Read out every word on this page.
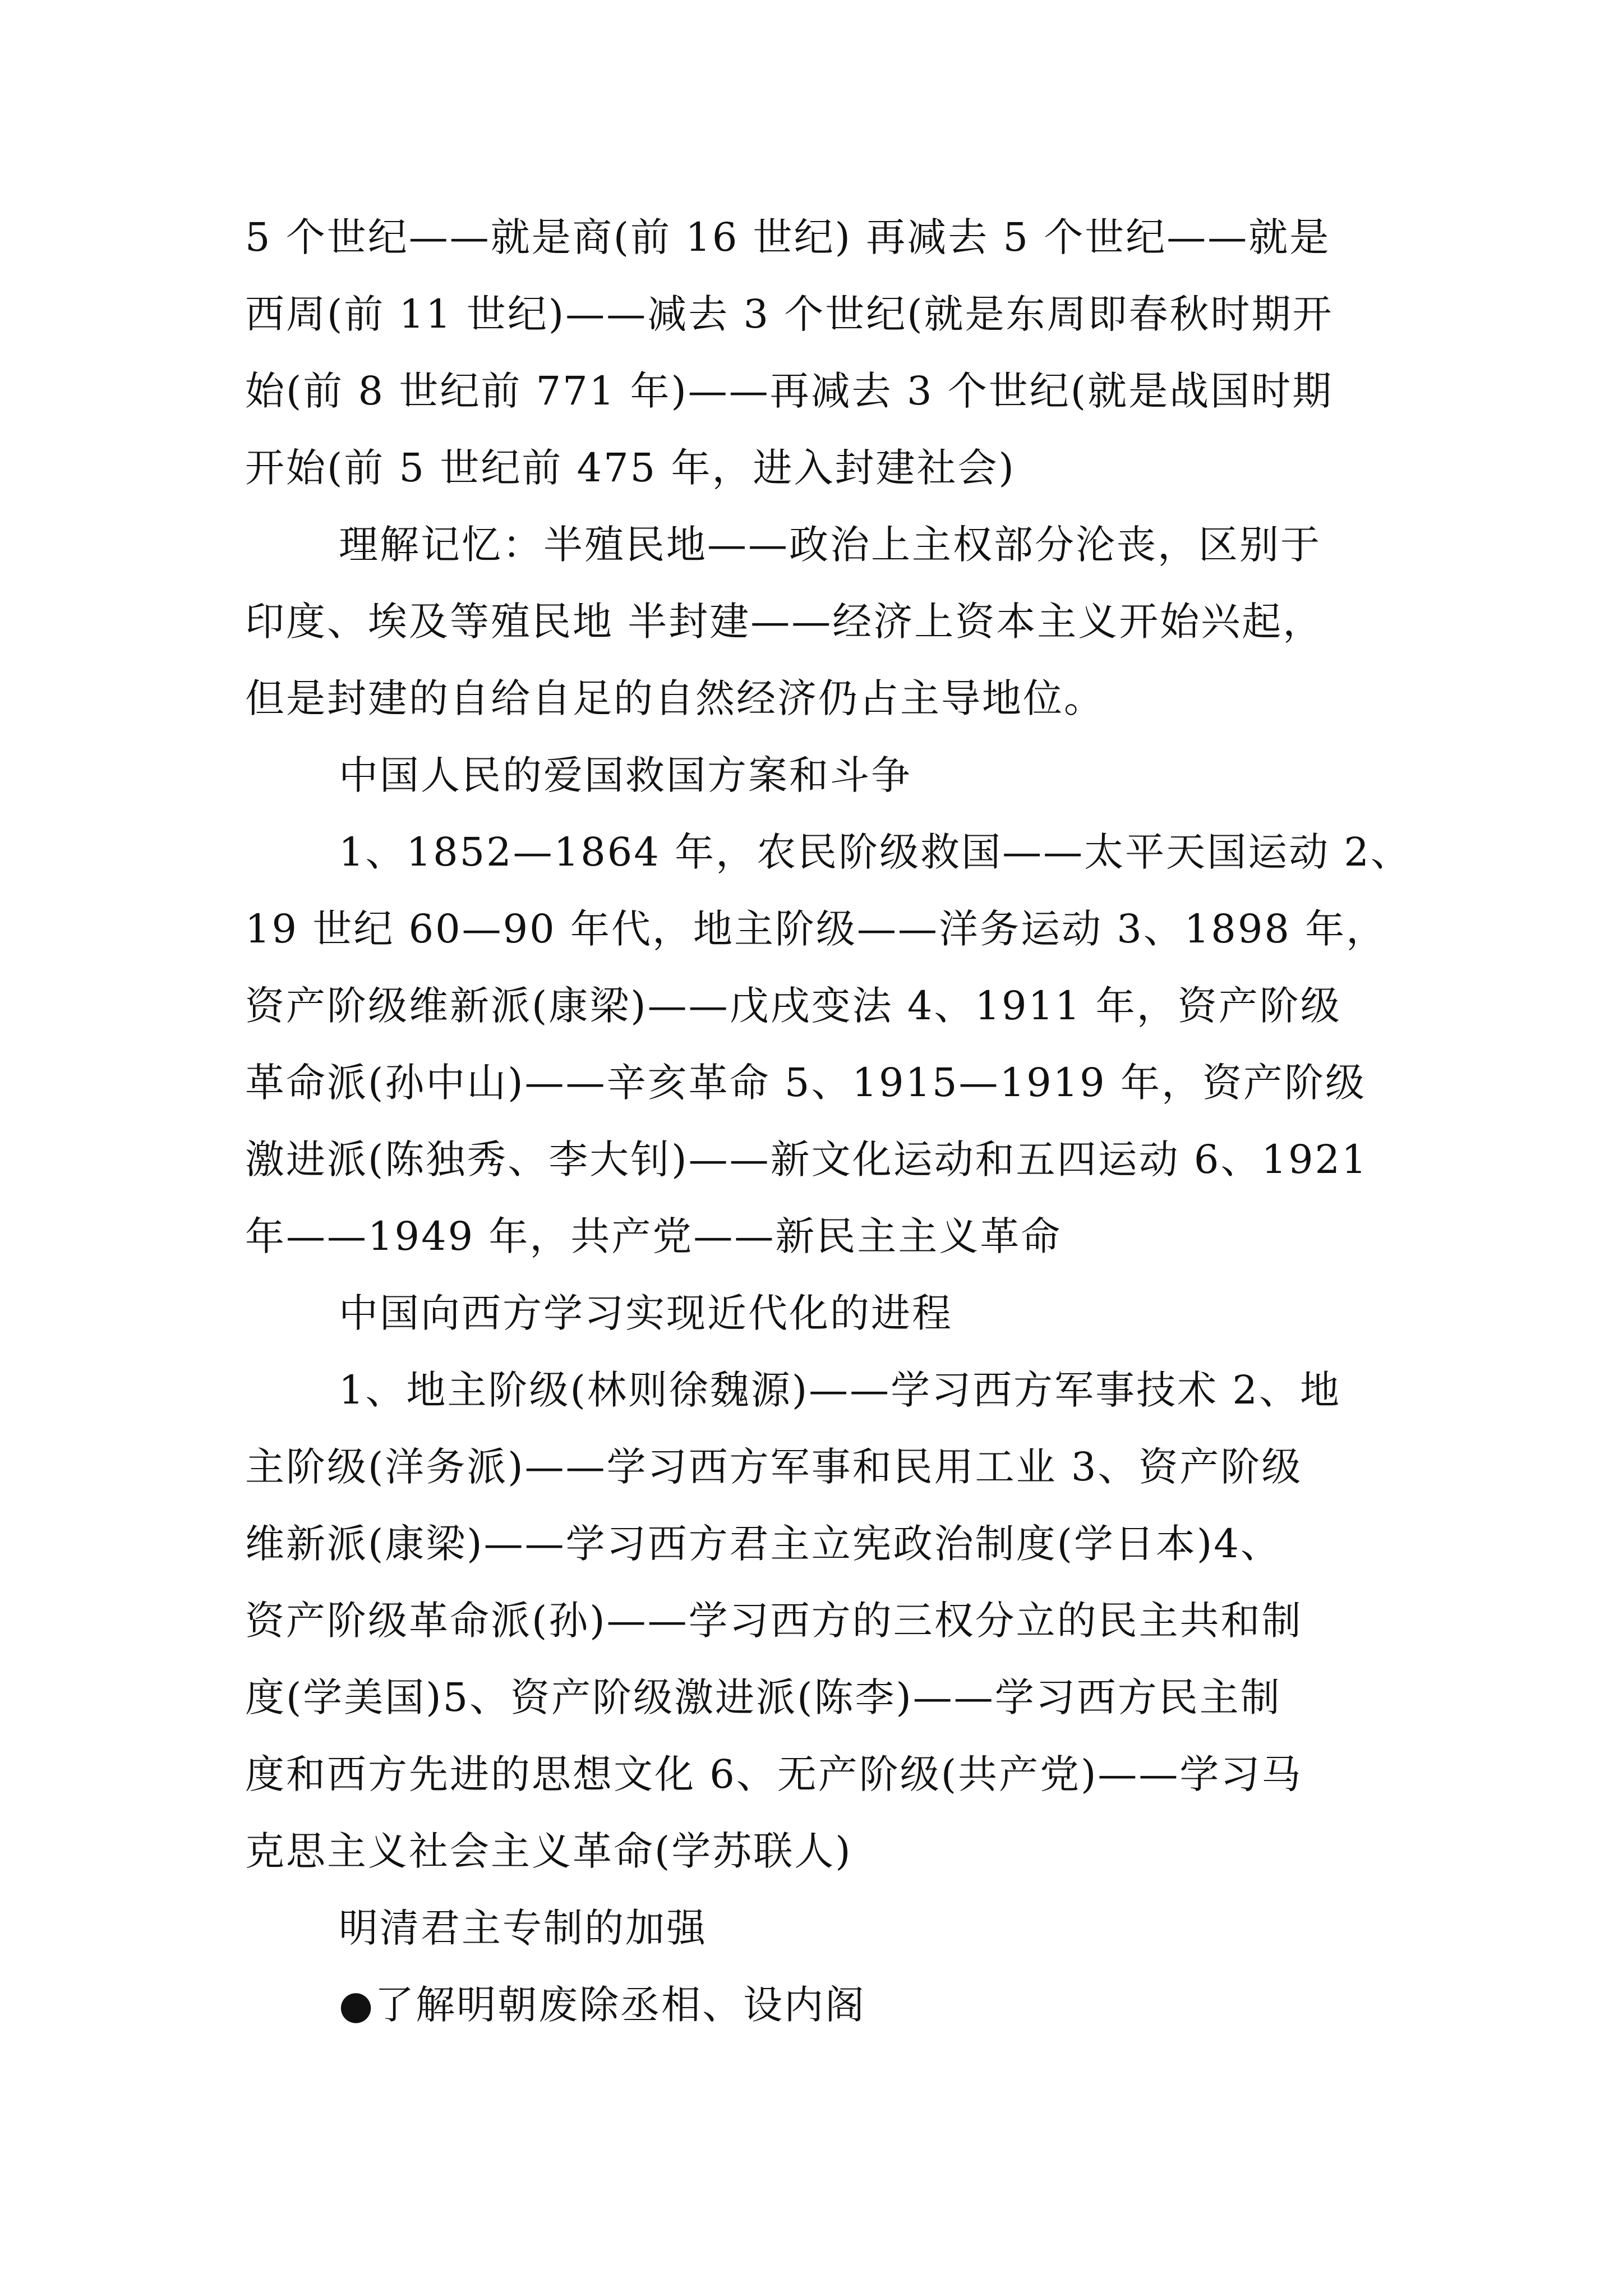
5 个世纪——就是商(前 16 世纪) 再减去 5 个世纪——就是
西周(前 11 世纪)——减去 3 个世纪(就是东周即春秋时期开
始(前 8 世纪前 771 年)——再减去 3 个世纪(就是战国时期
开始(前 5 世纪前 475 年，进入封建社会)
理解记忆：半殖民地——政治上主权部分沦丧，区别于
印度、埃及等殖民地 半封建——经济上资本主义开始兴起，
但是封建的自给自足的自然经济仍占主导地位。
中国人民的爱国救国方案和斗争
1、1852—1864 年，农民阶级救国——太平天国运动 2、
19 世纪 60—90 年代，地主阶级——洋务运动 3、1898 年，
资产阶级维新派(康梁)——戊戌变法 4、1911 年，资产阶级
革命派(孙中山)——辛亥革命 5、1915—1919 年，资产阶级
激进派(陈独秀、李大钊)——新文化运动和五四运动 6、1921
年——1949 年，共产党——新民主主义革命
中国向西方学习实现近代化的进程
1、地主阶级(林则徐魏源)——学习西方军事技术 2、地
主阶级(洋务派)——学习西方军事和民用工业 3、资产阶级
维新派(康梁)——学习西方君主立宪政治制度(学日本)4、
资产阶级革命派(孙)——学习西方的三权分立的民主共和制
度(学美国)5、资产阶级激进派(陈李)——学习西方民主制
度和西方先进的思想文化 6、无产阶级(共产党)——学习马
克思主义社会主义革命(学苏联人)
明清君主专制的加强
●了解明朝废除丞相、设内阁
